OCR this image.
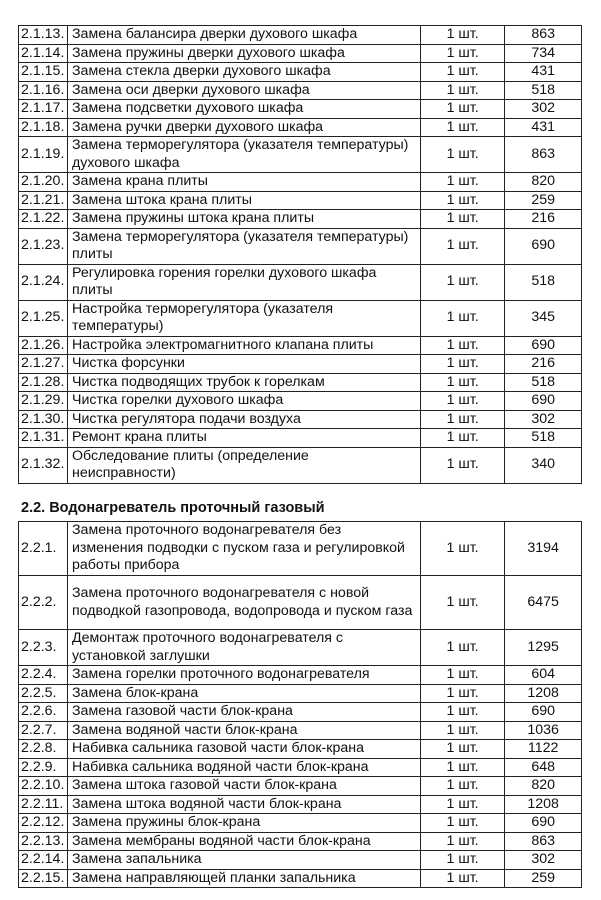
2.1.13.	Замена балансира дверки духового шкафа	1 шт.	863
2.1.14.	Замена пружины дверки духового шкафа	1 шт.	734
2.1.15.	Замена стекла дверки духового шкафа	1 шт.	431
2.1.16.	Замена оси дверки духового шкафа	1 шт.	518
2.1.17.	Замена подсветки духового шкафа	1 шт.	302
2.1.18.	Замена ручки дверки духового шкафа	1 шт.	431
2.1.19.	Замена терморегулятора (указателя температуры) духового шкафа	1 шт.	863
2.1.20.	Замена крана плиты	1 шт.	820
2.1.21.	Замена штока крана плиты	1 шт.	259
2.1.22.	Замена пружины штока крана плиты	1 шт.	216
2.1.23.	Замена терморегулятора (указателя температуры) плиты	1 шт.	690
2.1.24.	Регулировка горения горелки духового шкафа плиты	1 шт.	518
2.1.25.	Настройка терморегулятора (указателя температуры)	1 шт.	345
2.1.26.	Настройка электромагнитного клапана плиты	1 шт.	690
2.1.27.	Чистка форсунки	1 шт.	216
2.1.28.	Чистка подводящих трубок к горелкам	1 шт.	518
2.1.29.	Чистка горелки духового шкафа	1 шт.	690
2.1.30.	Чистка регулятора подачи воздуха	1 шт.	302
2.1.31.	Ремонт крана плиты	1 шт.	518
2.1.32.	Обследование плиты (определение неисправности)	1 шт.	340
2.2. Водонагреватель проточный газовый
2.2.1.	Замена проточного водонагревателя без изменения подводки с пуском газа и регулировкой работы прибора	1 шт.	3194
2.2.2.	Замена проточного водонагревателя с новой подводкой газопровода, водопровода и пуском газа	1 шт.	6475
2.2.3.	Демонтаж проточного водонагревателя с установкой заглушки	1 шт.	1295
2.2.4.	Замена горелки проточного водонагревателя	1 шт.	604
2.2.5.	Замена блок-крана	1 шт.	1208
2.2.6.	Замена газовой части блок-крана	1 шт.	690
2.2.7.	Замена водяной части блок-крана	1 шт.	1036
2.2.8.	Набивка сальника газовой части блок-крана	1 шт.	1122
2.2.9.	Набивка сальника водяной части блок-крана	1 шт.	648
2.2.10.	Замена штока газовой части блок-крана	1 шт.	820
2.2.11.	Замена штока водяной части блок-крана	1 шт.	1208
2.2.12.	Замена пружины блок-крана	1 шт.	690
2.2.13.	Замена мембраны водяной части блок-крана	1 шт.	863
2.2.14.	Замена запальника	1 шт.	302
2.2.15.	Замена направляющей планки запальника	1 шт.	259
